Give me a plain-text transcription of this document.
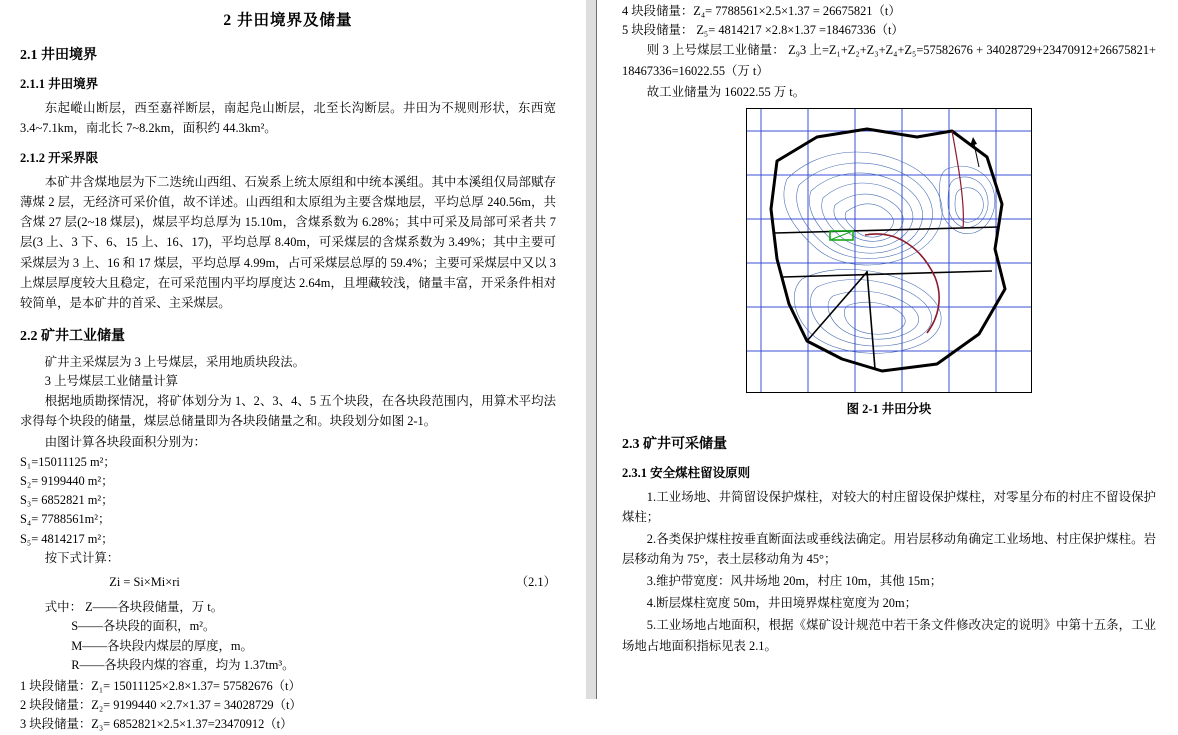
2 井田境界及储量
2.1 井田境界
2.1.1 井田境界

东起嵷山断层，西至嘉祥断层，南起凫山断层，北至长沟断层。井田为不规则形状，东西宽 3.4~7.1km，南北长 7~8.2km，面积约 44.3km²。

2.1.2 开采界限

本矿井含煤地层为下二迭统山西组、石炭系上统太原组和中统本溪组。其中本溪组仅局部赋存薄煤 2 层，无经济可采价值，故不详述。山西组和太原组为主要含煤地层，平均总厚 240.56m，共含煤 27 层(2~18 煤层)，煤层平均总厚为 15.10m，含煤系数为 6.28%；其中可采及局部可采者共 7 层(3 上、3 下、6、15 上、16、17)，平均总厚 8.40m，可采煤层的含煤系数为 3.49%；其中主要可采煤层为 3 上、16 和 17 煤层，平均总厚 4.99m，占可采煤层总厚的 59.4%；主要可采煤层中又以 3 上煤层厚度较大且稳定，在可采范围内平均厚度达 2.64m，且埋藏较浅，储量丰富，开采条件相对较简单，是本矿井的首采、主采煤层。

2.2 矿井工业储量

矿井主采煤层为 3 上号煤层，采用地质块段法。

3 上号煤层工业储量计算

根据地质勘探情况，将矿体划分为 1、2、3、4、5 五个块段，在各块段范围内，用算术平均法求得每个块段的储量，煤层总储量即为各块段储量之和。块段划分如图 2-1。

由图计算各块段面积分别为：

S₁=15011125 m²；

S₂= 9199440 m²；

S₃= 6852821 m²；

S₄= 7788561m²；

S₅= 4814217 m²；

按下式计算：

（2.1）
Zi = Si×Mi×ri

式中： Z——各块段储量，万 t。

S——各块段的面积，m²。

M——各块段内煤层的厚度，m。

R——各块段内煤的容重，均为 1.37tm³。

1 块段储量：Z₁= 15011125×2.8×1.37= 57582676（t）

2 块段储量：Z₂= 9199440 ×2.7×1.37 = 34028729（t）

3 块段储量：Z₃= 6852821×2.5×1.37=23470912（t）

4 块段储量：Z₄= 7788561×2.5×1.37 = 26675821（t）

5 块段储量： Z₅= 4814217 ×2.8×1.37 =18467336（t）

则 3 上号煤层工业储量： Z₉3 上=Z₁+Z₂+Z₃+Z₄+Z₅=57582676 + 34028729+23470912+26675821+ 18467336=16022.55（万 t）

故工业储量为 16022.55 万 t。

图 2-1 井田分块
2.3 矿井可采储量
2.3.1 安全煤柱留设原则

1.工业场地、井简留设保护煤柱，对较大的村庄留设保护煤柱，对零星分布的村庄不留设保护煤柱；

2.各类保护煤柱按垂直断面法或垂线法确定。用岩层移动角确定工业场地、村庄保护煤柱。岩层移动角为 75°，表土层移动角为 45°；

3.维护带宽度：风井场地 20m，村庄 10m，其他 15m；

4.断层煤柱宽度 50m，井田境界煤柱宽度为 20m；

5.工业场地占地面积，根据《煤矿设计规范中若干条文件修改决定的说明》中第十五条，工业场地占地面积指标见表 2.1。
